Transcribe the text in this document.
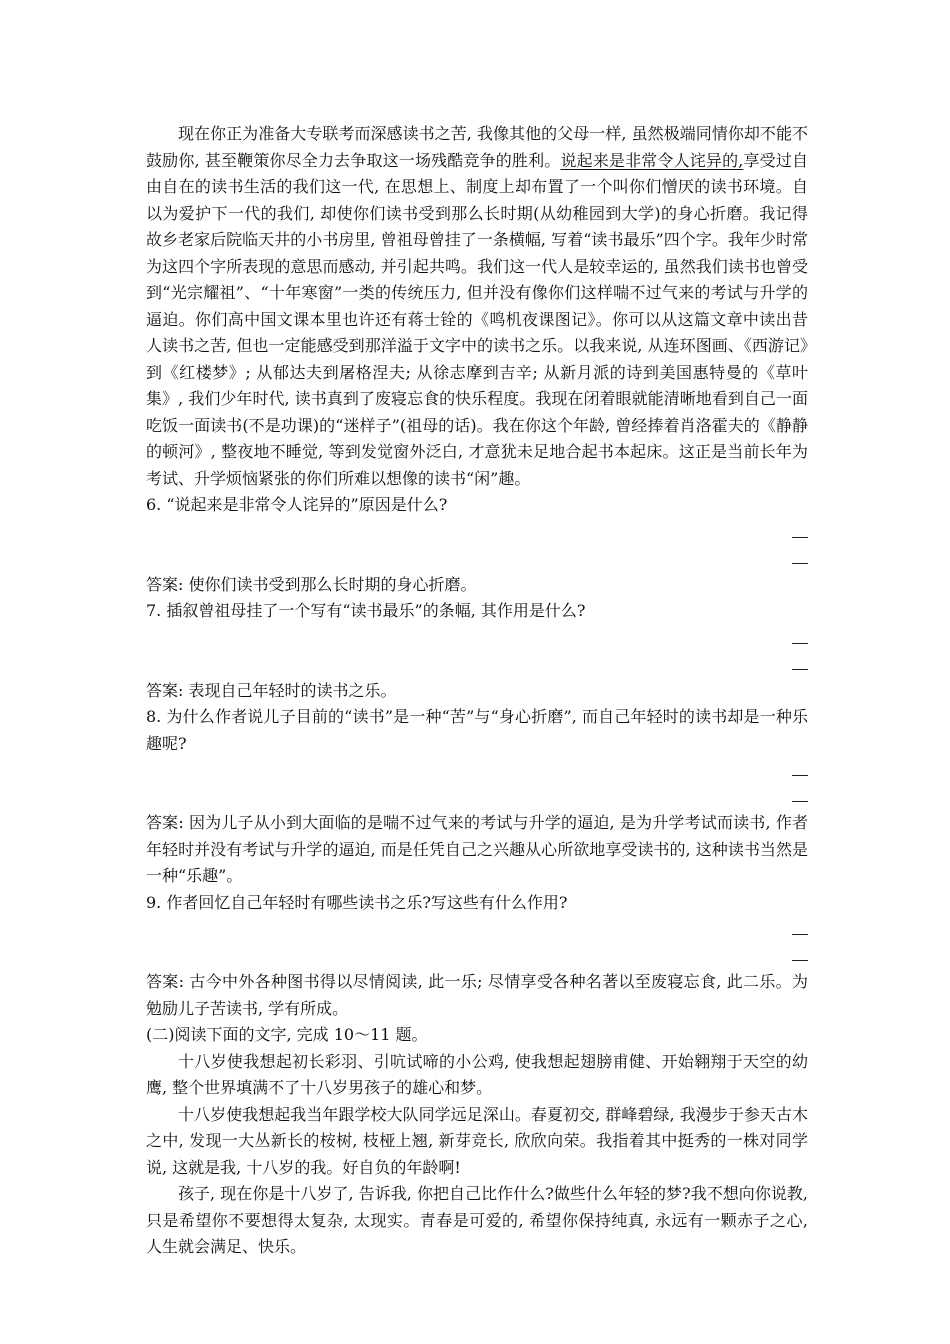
现在你正为准备大专联考而深感读书之苦, 我像其他的父母一样, 虽然极端同情你却不能不鼓励你, 甚至鞭策你尽全力去争取这一场残酷竞争的胜利。说起来是非常令人诧异的,享受过自由自在的读书生活的我们这一代, 在思想上、制度上却布置了一个叫你们憎厌的读书环境。自以为爱护下一代的我们, 却使你们读书受到那么长时期(从幼稚园到大学)的身心折磨。我记得故乡老家后院临天井的小书房里, 曾祖母曾挂了一条横幅, 写着“读书最乐”四个字。我年少时常为这四个字所表现的意思而感动, 并引起共鸣。我们这一代人是较幸运的, 虽然我们读书也曾受到“光宗耀祖”、“十年寒窗”一类的传统压力, 但并没有像你们这样喘不过气来的考试与升学的逼迫。你们高中国文课本里也许还有蒋士铨的《鸣机夜课图记》。你可以从这篇文章中读出昔人读书之苦, 但也一定能感受到那洋溢于文字中的读书之乐。以我来说, 从连环图画、《西游记》到《红楼梦》; 从郁达夫到屠格涅夫; 从徐志摩到吉辛; 从新月派的诗到美国惠特曼的《草叶集》, 我们少年时代, 读书真到了废寝忘食的快乐程度。我现在闭着眼就能清晰地看到自己一面吃饭一面读书(不是功课)的“迷样子”(祖母的话)。我在你这个年龄, 曾经捧着肖洛霍夫的《静静的顿河》, 整夜地不睡觉, 等到发觉窗外泛白, 才意犹未足地合起书本起床。这正是当前长年为考试、升学烦恼紧张的你们所难以想像的读书“闲”趣。

6. “说起来是非常令人诧异的”原因是什么?

答案: 使你们读书受到那么长时期的身心折磨。

7. 插叙曾祖母挂了一个写有“读书最乐”的条幅, 其作用是什么?

答案: 表现自己年轻时的读书之乐。

8. 为什么作者说儿子目前的“读书”是一种“苦”与“身心折磨”, 而自己年轻时的读书却是一种乐趣呢?

答案: 因为儿子从小到大面临的是喘不过气来的考试与升学的逼迫, 是为升学考试而读书, 作者年轻时并没有考试与升学的逼迫, 而是任凭自己之兴趣从心所欲地享受读书的, 这种读书当然是一种“乐趣”。

9. 作者回忆自己年轻时有哪些读书之乐?写这些有什么作用?

答案: 古今中外各种图书得以尽情阅读, 此一乐; 尽情享受各种名著以至废寝忘食, 此二乐。为勉励儿子苦读书, 学有所成。

(二)阅读下面的文字, 完成 10～11 题。

十八岁使我想起初长彩羽、引吭试啼的小公鸡, 使我想起翅膀甫健、开始翱翔于天空的幼鹰, 整个世界填满不了十八岁男孩子的雄心和梦。

十八岁使我想起我当年跟学校大队同学远足深山。春夏初交, 群峰碧绿, 我漫步于参天古木之中, 发现一大丛新长的桉树, 枝桠上翘, 新芽竞长, 欣欣向荣。我指着其中挺秀的一株对同学说, 这就是我, 十八岁的我。好自负的年龄啊!

孩子, 现在你是十八岁了, 告诉我, 你把自己比作什么?做些什么年轻的梦?我不想向你说教, 只是希望你不要想得太复杂, 太现实。青春是可爱的, 希望你保持纯真, 永远有一颗赤子之心, 人生就会满足、快乐。
